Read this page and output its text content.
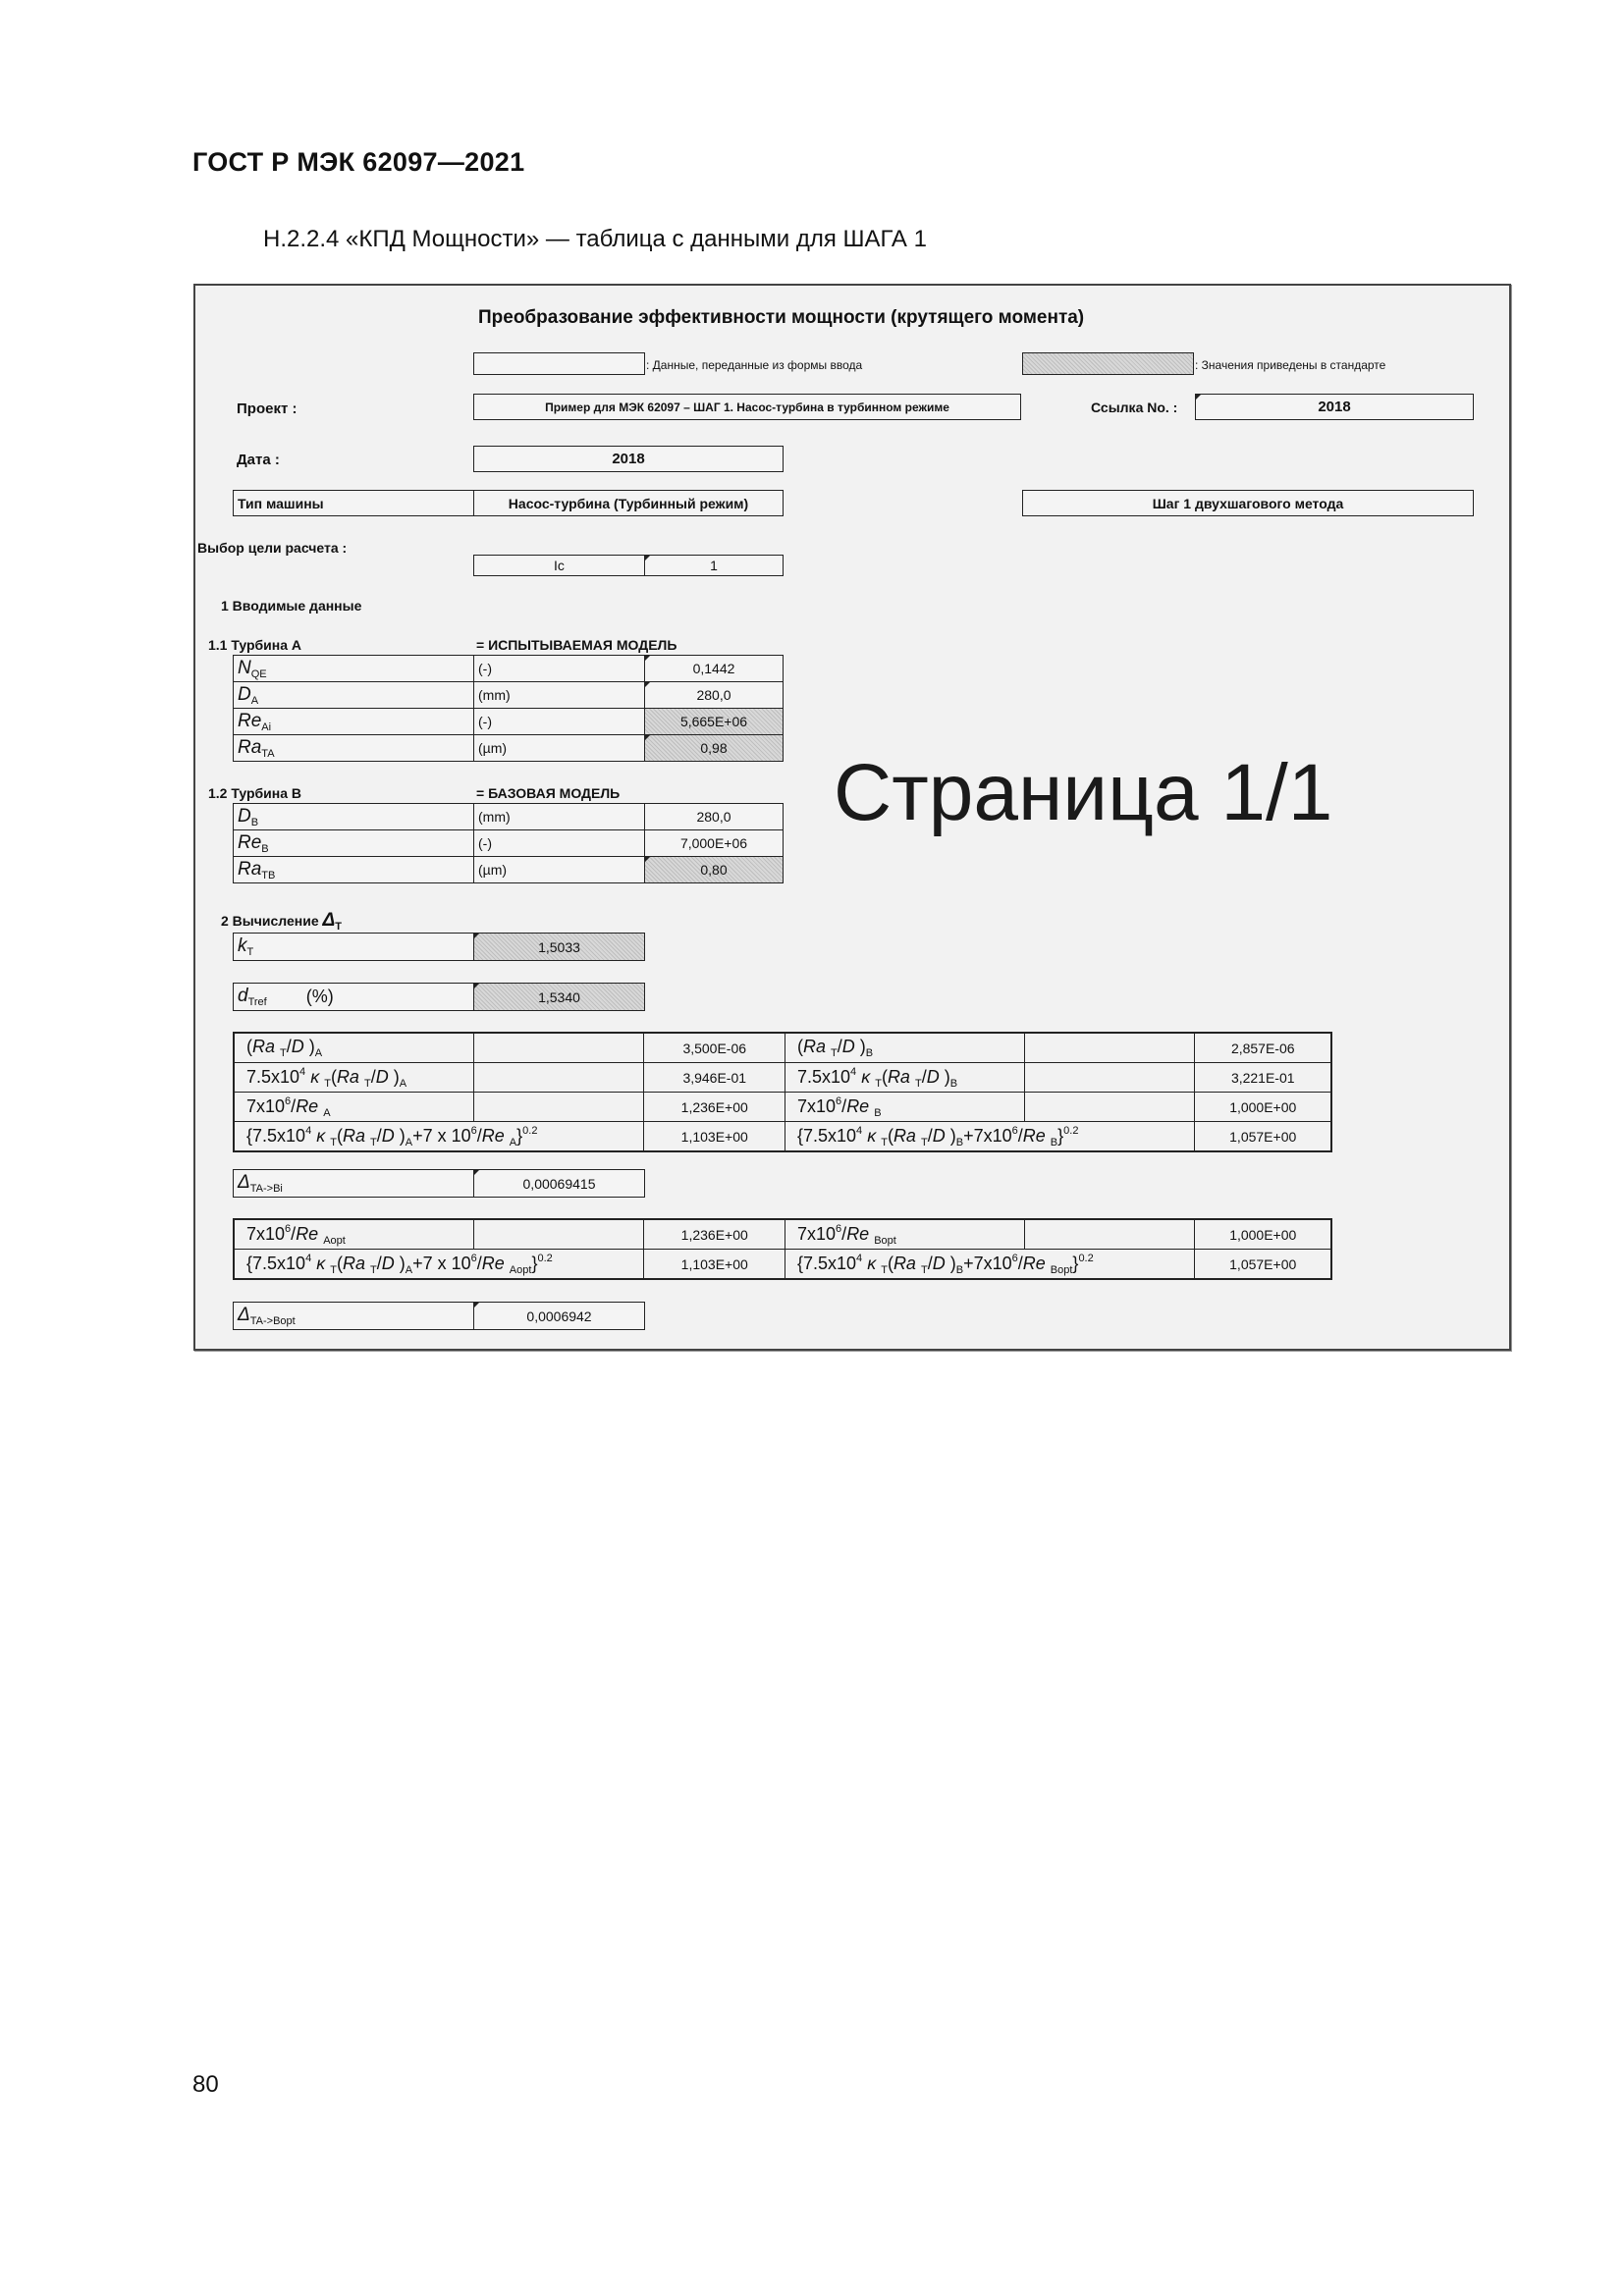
ГОСТ Р МЭК 62097—2021
Н.2.2.4 «КПД Мощности» — таблица с данными для ШАГА 1
Преобразование эффективности мощности (крутящего момента)
: Данные, переданные из формы ввода	: Значения приведены в стандарте
Проект :	Пример для МЭК 62097 – ШАГ 1. Насос-турбина в турбинном режиме	Ссылка No. :	2018
Дата :	2018
Тип машины	Насос-турбина (Турбинный режим)	Шаг 1 двухшагового метода
Выбор цели расчета :
Ic	1
1 Вводимые данные
1.1 Турбина А	= ИСПЫТЫВАЕМАЯ МОДЕЛЬ
$N_{QE}$	(-)	0,1442
$D_A$	(mm)	280,0
$Re_{Ai}$	(-)	5,665E+06
$Ra_{TA}$	(µm)	0,98
1.2 Турбина В	= БАЗОВАЯ МОДЕЛЬ
$D_B$	(mm)	280,0
$Re_B$	(-)	7,000E+06
$Ra_{TB}$	(µm)	0,80
2 Вычисление $\Delta_T$
$k_T$	1,5033
$d_{Tref}$ (%)	1,5340
(Ra $_T$/D )$_A$	3,500E-06	(Ra $_T$/D )$_B$	2,857E-06
$7.5x10^4$ κ $_T$(Ra $_T$/D )$_A$	3,946E-01	$7.5x10^4$ κ $_T$(Ra $_T$/D )$_B$	3,221E-01
$7x10^6/Re$ $_A$	1,236E+00	$7x10^6/Re$ $_B$	1,000E+00
{$7.5x10^4$ κ $_T$(Ra $_T$/D )$_A+7$ x $10^6/Re$ $_A$}$^{0.2}$	1,103E+00	{$7.5x10^4$ κ $_T$(Ra $_T$/D )$_B+7x10^6/Re$ $_B$}$^{0.2}$	1,057E+00
$\Delta_{TA->Bi}$	0,00069415
$7x10^6/Re$ $_{Aopt}$	1,236E+00	$7x10^6/Re$ $_{Bopt}$	1,000E+00
{$7.5x10^4$ κ $_T$(Ra $_T$/D )$_A+7$ x $10^6/Re$ $_{Aopt}$}$^{0.2}$	1,103E+00	{$7.5x10^4$ κ $_T$(Ra $_T$/D )$_B+7x10^6/Re$ $_{Bopt}$}$^{0.2}$	1,057E+00
$\Delta_{TA->Bopt}$	0,0006942
Страница 1/1
80
